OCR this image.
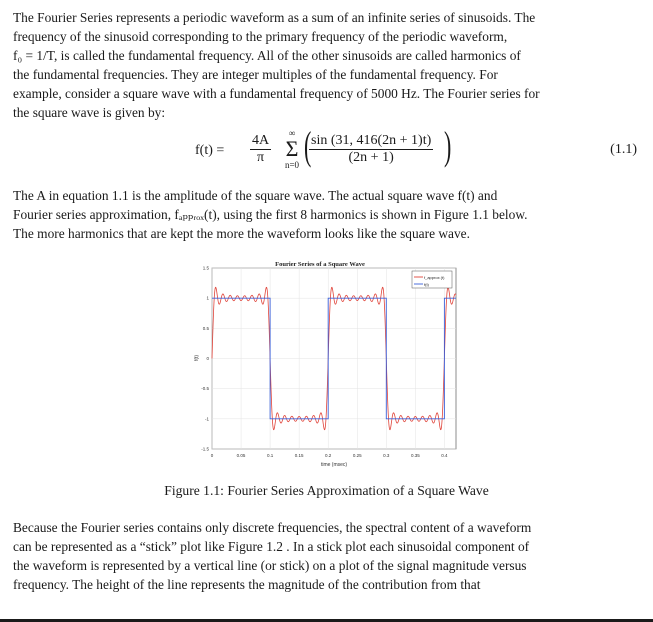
The Fourier Series represents a periodic waveform as a sum of an infinite series of sinusoids. The
frequency of the sinusoid corresponding to the primary frequency of the periodic waveform,
f₀ = 1/T, is called the fundamental frequency. All of the other sinusoids are called harmonics of
the fundamental frequencies. They are integer multiples of the fundamental frequency. For
example, consider a square wave with a fundamental frequency of 5000 Hz. The Fourier series for
the square wave is given by:
$f(t) = \frac{4A}{\pi}$	∞
Σ
n=0 (
$\frac{\sin (31, 416(2n + 1)t)}{(2n + 1)}$ )	(1.1)
The A in equation 1.1 is the amplitude of the square wave. The actual square wave f(t) and
Fourier series approximation, fₐₚₚᵣₒₓ(t), using the first 8 harmonics is shown in Figure 1.1 below.
The more harmonics that are kept the more the waveform looks like the square wave.
Fourier Series of a Square Wave
1.5
1
0.5
0
-0.5
-1
-1.5
0	0.05	0.1	0.15	0.2	0.25	0.3	0.35	0.4
f_approx (t)
f(t)
time (msec)
f(t)
Figure 1.1: Fourier Series Approximation of a Square Wave
Because the Fourier series contains only discrete frequencies, the spectral content of a waveform
can be represented as a “stick” plot like Figure 1.2 . In a stick plot each sinusoidal component of
the waveform is represented by a vertical line (or stick) on a plot of the signal magnitude versus
frequency. The height of the line represents the magnitude of the contribution from that
